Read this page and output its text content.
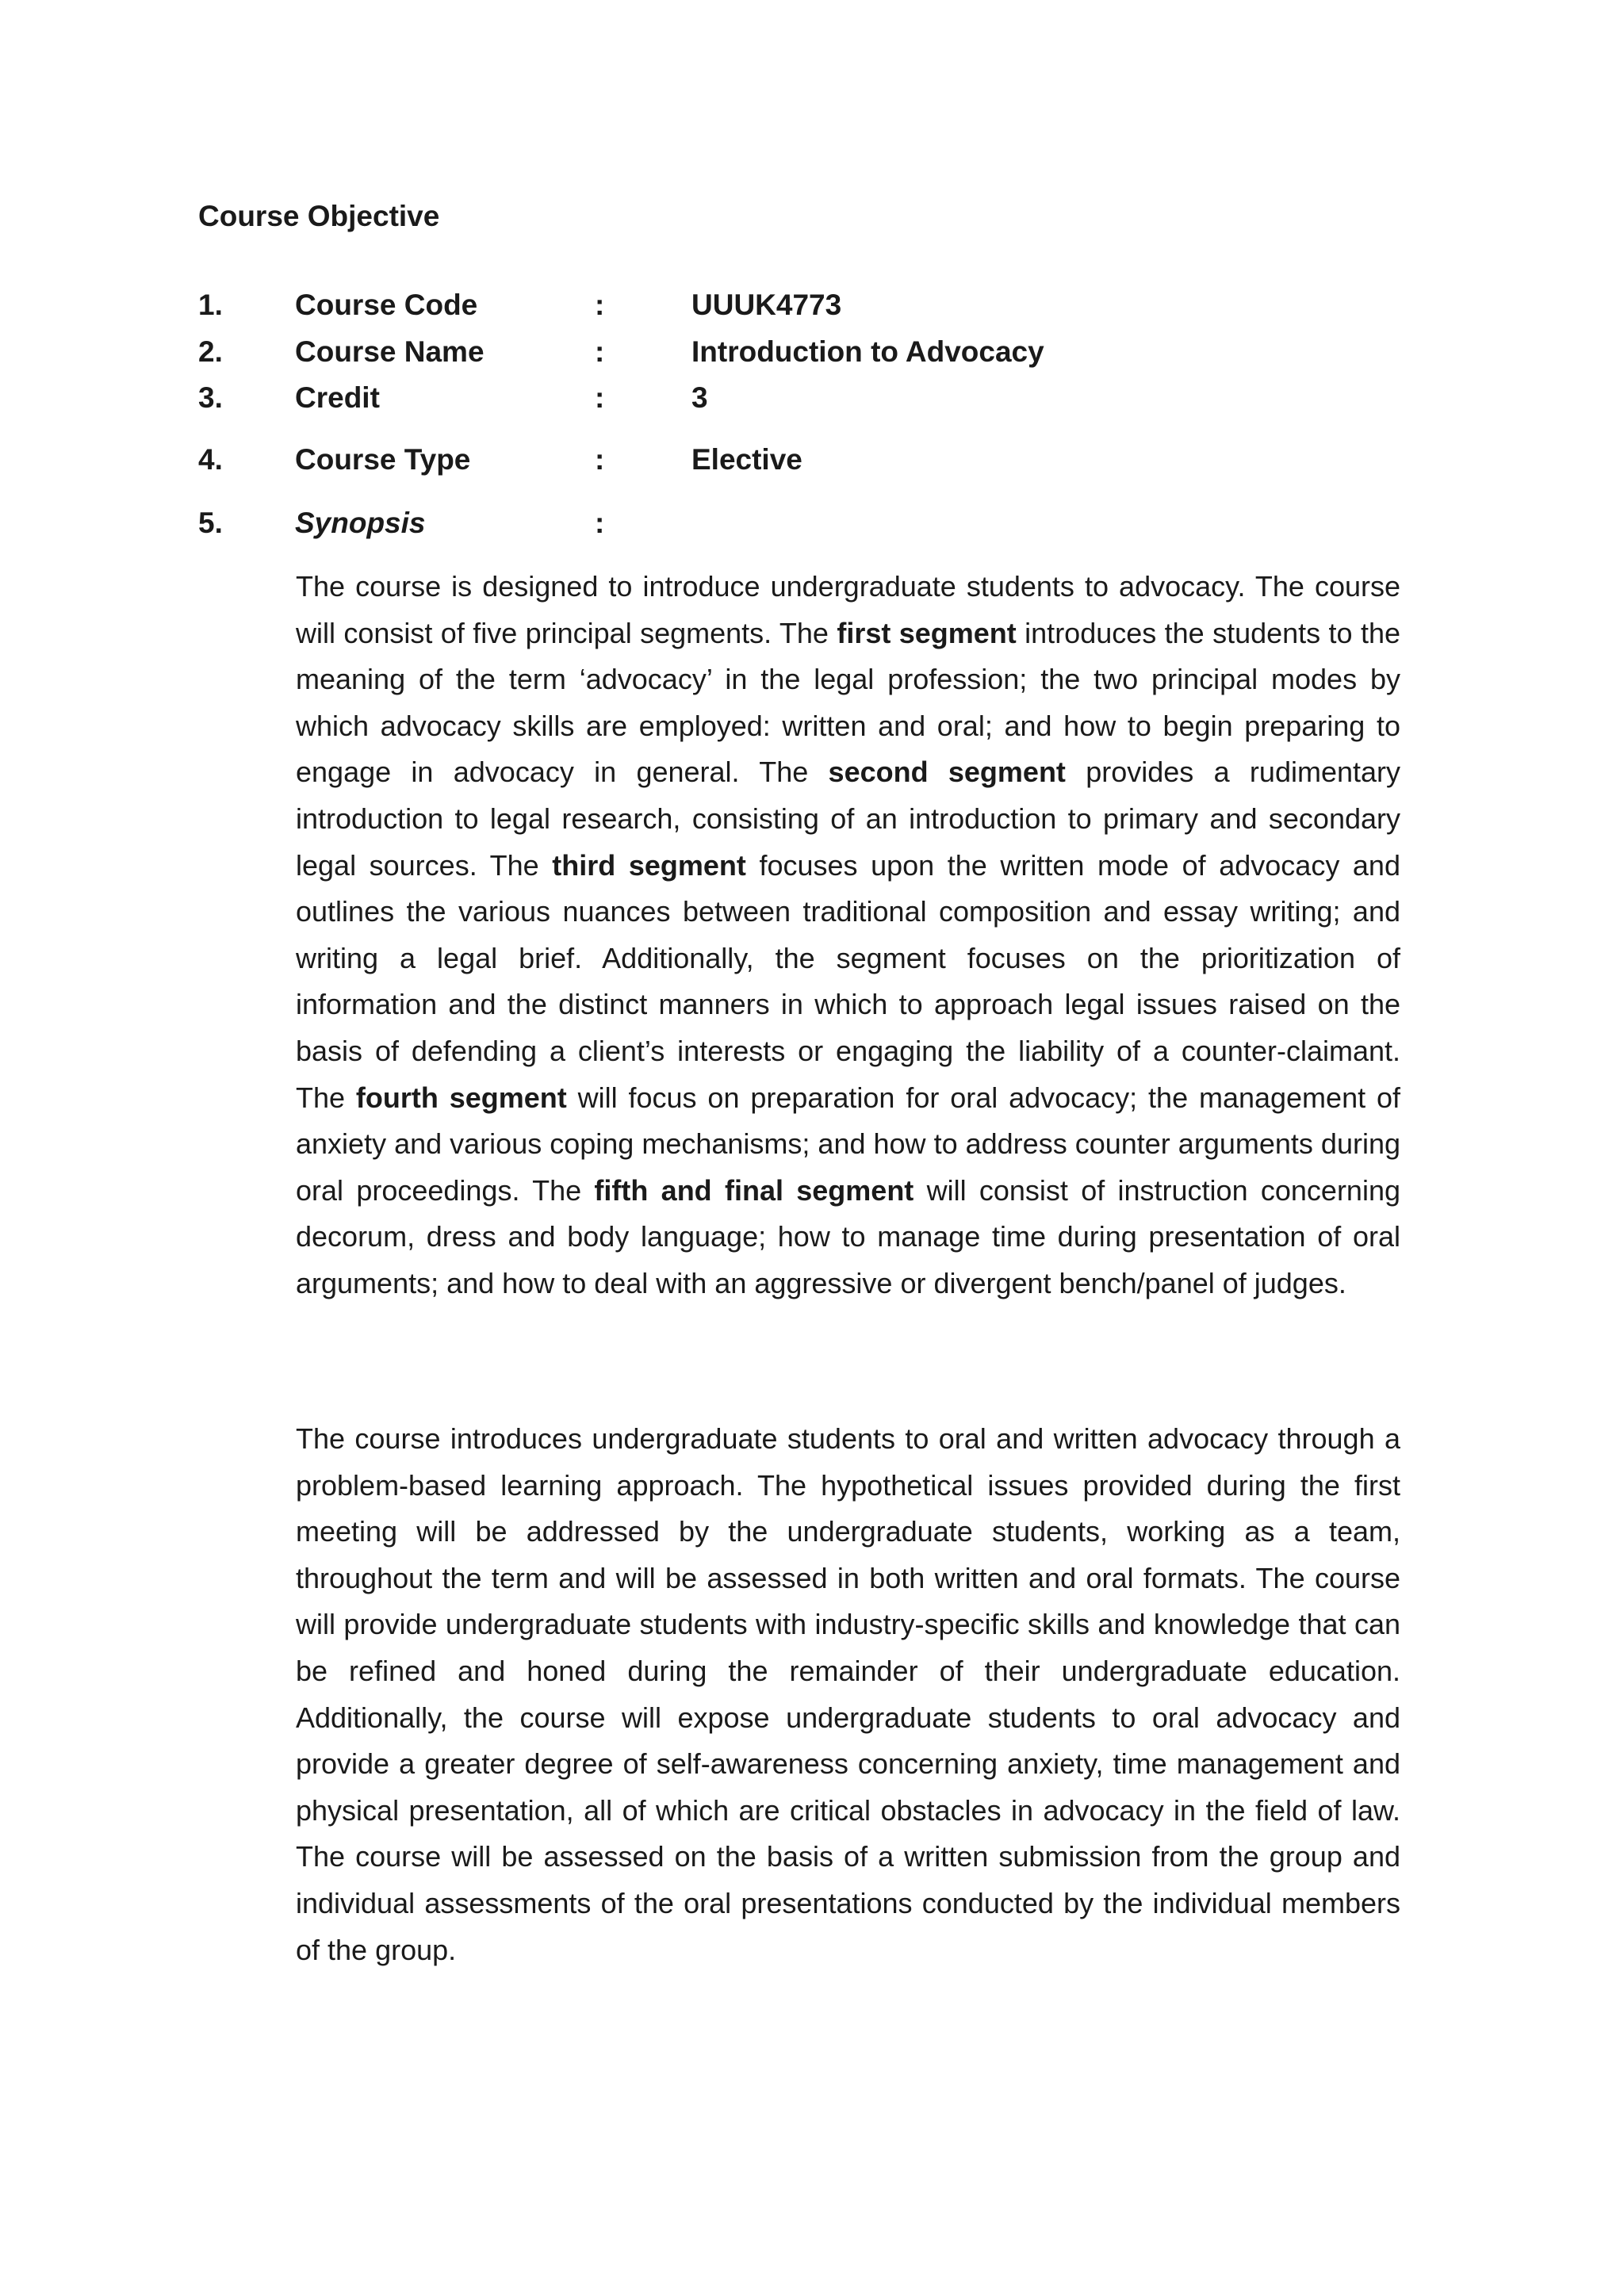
Course Objective
1. Course Code	:	UUUK4773
2. Course Name	:	Introduction to Advocacy
3. Credit	:	3
4. Course Type	:	Elective
5. Synopsis	:

The course is designed to introduce undergraduate students to advocacy. The course will consist of five principal segments. The first segment introduces the students to the meaning of the term ‘advocacy’ in the legal profession; the two principal modes by which advocacy skills are employed: written and oral; and how to begin preparing to engage in advocacy in general. The second segment provides a rudimentary introduction to legal research, consisting of an introduction to primary and secondary legal sources. The third segment focuses upon the written mode of advocacy and outlines the various nuances between traditional composition and essay writing; and writing a legal brief. Additionally, the segment focuses on the prioritization of information and the distinct manners in which to approach legal issues raised on the basis of defending a client’s interests or engaging the liability of a counter-claimant. The fourth segment will focus on preparation for oral advocacy; the management of anxiety and various coping mechanisms; and how to address counter arguments during oral proceedings. The fifth and final segment will consist of instruction concerning decorum, dress and body language; how to manage time during presentation of oral arguments; and how to deal with an aggressive or divergent bench/panel of judges.

The course introduces undergraduate students to oral and written advocacy through a problem-based learning approach. The hypothetical issues provided during the first meeting will be addressed by the undergraduate students, working as a team, throughout the term and will be assessed in both written and oral formats. The course will provide undergraduate students with industry-specific skills and knowledge that can be refined and honed during the remainder of their undergraduate education. Additionally, the course will expose undergraduate students to oral advocacy and provide a greater degree of self-awareness concerning anxiety, time management and physical presentation, all of which are critical obstacles in advocacy in the field of law. The course will be assessed on the basis of a written submission from the group and individual assessments of the oral presentations conducted by the individual members of the group.
